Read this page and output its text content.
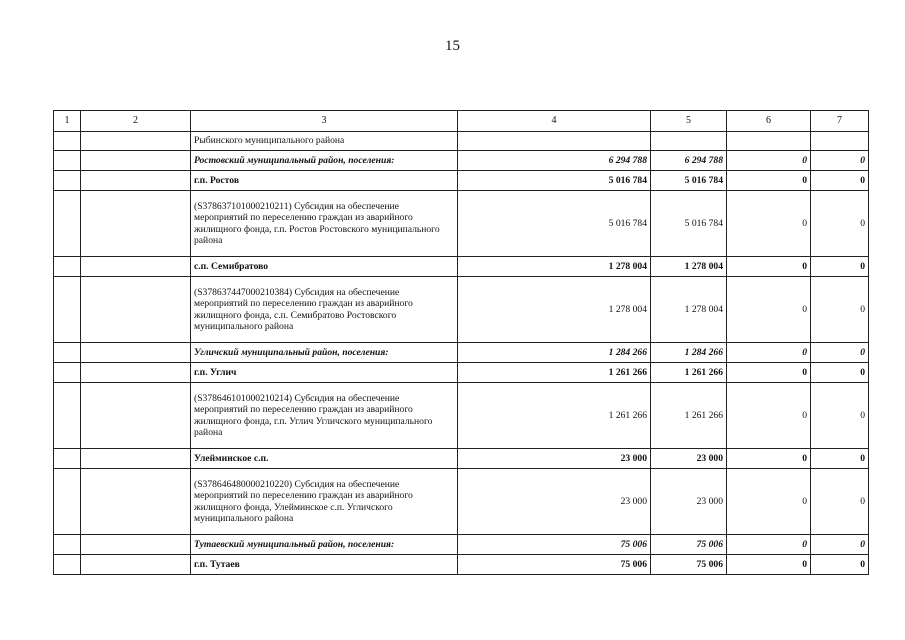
15
1	2	3	4	5	6	7
		Рыбинского муниципального района				
		Ростовский муниципальный район, поселения:	6 294 788	6 294 788	0	0
		г.п. Ростов	5 016 784	5 016 784	0	0
		(S378637101000210211) Субсидия на обеспечение мероприятий по переселению граждан из аварийного жилищного фонда, г.п. Ростов Ростовского муниципального района	5 016 784	5 016 784	0	0
		с.п. Семибратово	1 278 004	1 278 004	0	0
		(S378637447000210384) Субсидия на обеспечение мероприятий по переселению граждан из аварийного жилищного фонда, с.п. Семибратово Ростовского муниципального района	1 278 004	1 278 004	0	0
		Угличский муниципальный район, поселения:	1 284 266	1 284 266	0	0
		г.п. Углич	1 261 266	1 261 266	0	0
		(S378646101000210214) Субсидия на обеспечение мероприятий по переселению граждан из аварийного жилищного фонда, г.п. Углич Угличского муниципального района	1 261 266	1 261 266	0	0
		Улейминское с.п.	23 000	23 000	0	0
		(S378646480000210220) Субсидия на обеспечение мероприятий по переселению граждан из аварийного жилищного фонда, Улейминское с.п. Угличского муниципального района	23 000	23 000	0	0
		Тутаевский муниципальный район, поселения:	75 006	75 006	0	0
		г.п. Тутаев	75 006	75 006	0	0
